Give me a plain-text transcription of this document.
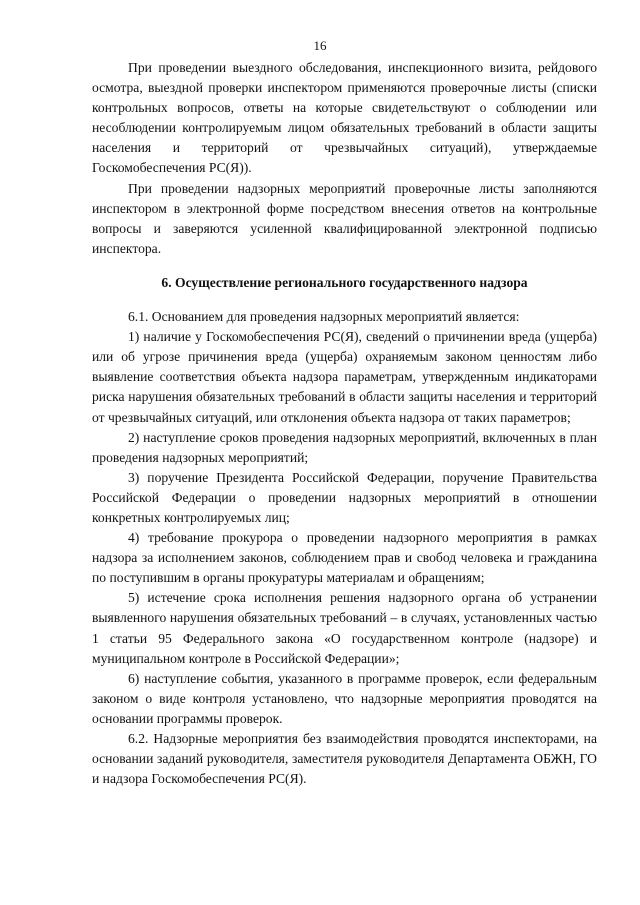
16

При проведении выездного обследования, инспекционного визита, рейдового осмотра, выездной проверки инспектором применяются проверочные листы (списки контрольных вопросов, ответы на которые свидетельствуют о соблюдении или несоблюдении контролируемым лицом обязательных требований в области защиты населения и территорий от чрезвычайных ситуаций), утверждаемые Госкомобеспечения РС(Я)).

При проведении надзорных мероприятий проверочные листы заполняются инспектором в электронной форме посредством внесения ответов на контрольные вопросы и заверяются усиленной квалифицированной электронной подписью инспектора.

6. Осуществление регионального государственного надзора

6.1. Основанием для проведения надзорных мероприятий является:

1) наличие у Госкомобеспечения РС(Я), сведений о причинении вреда (ущерба) или об угрозе причинения вреда (ущерба) охраняемым законом ценностям либо выявление соответствия объекта надзора параметрам, утвержденным индикаторами риска нарушения обязательных требований в области защиты населения и территорий от чрезвычайных ситуаций, или отклонения объекта надзора от таких параметров;

2) наступление сроков проведения надзорных мероприятий, включенных в план проведения надзорных мероприятий;

3) поручение Президента Российской Федерации, поручение Правительства Российской Федерации о проведении надзорных мероприятий в отношении конкретных контролируемых лиц;

4) требование прокурора о проведении надзорного мероприятия в рамках надзора за исполнением законов, соблюдением прав и свобод человека и гражданина по поступившим в органы прокуратуры материалам и обращениям;

5) истечение срока исполнения решения надзорного органа об устранении выявленного нарушения обязательных требований – в случаях, установленных частью 1 статьи 95 Федерального закона «О государственном контроле (надзоре) и муниципальном контроле в Российской Федерации»;

6) наступление события, указанного в программе проверок, если федеральным законом о виде контроля установлено, что надзорные мероприятия проводятся на основании программы проверок.

6.2. Надзорные мероприятия без взаимодействия проводятся инспекторами, на основании заданий руководителя, заместителя руководителя Департамента ОБЖН, ГО и надзора Госкомобеспечения РС(Я).
